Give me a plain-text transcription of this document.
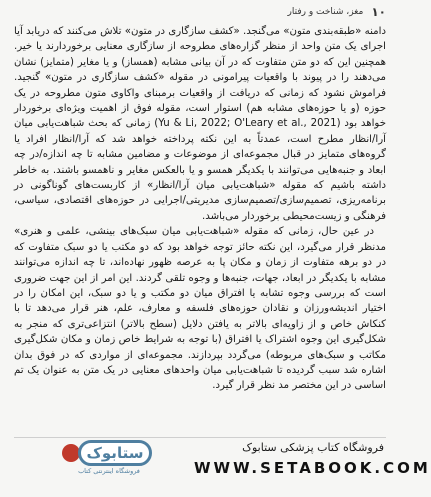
۱۰
مغز، شناخت و رفتار

دامنه «طبقه‌بندی متون» می‌گنجد. «کشف سازگاری در متون» تلاش می‌کنند که دریابد آیا اجرای یک متن واحد از منظر گزاره‌های مطروحه از سازگاری معنایی برخوردارند یا خیر. همچنین این که دو متن متفاوت که در آن بیانی مشابه (همساز) و یا مغایر (متمایز) نشان می‌دهند را در پیوند با واقعیات پیرامونی در مقوله «کشف سازگاری در متون» گنجید. فراموش نشود که زمانی که دریافت از واقعیات برمبنای واکاوی متون مطروحه در یک حوزه (و یا حوزه‌های مشابه هم) استوار است، مقوله فوق از اهمیت ویژه‌ای برخوردار خواهد بود (Yu & Li, 2022; O'Leary et al., 2021) زمانی که بحث شباهت‌یابی میان آرا/انظار مطرح است، عمدتاً به این نکته پرداخته خواهد شد که آرا/انظار افراد یا گروه‌های متمایز در قبال مجموعه‌ای از موضوعات و مضامین مشابه تا چه اندازه/در چه ابعاد و جنبه‌هایی می‌توانند با یکدیگر همسو و یا بالعکس مغایر و ناهمسو باشند. به خاطر داشته باشیم که مقوله «شباهت‌یابی میان آرا/انظار» از کاربست‌های گوناگونی در برنامه‌ریزی، تصمیم‌سازی/تصمیم‌سازی مدیریتی/اجرایی در حوزه‌های اقتصادی، سیاسی، فرهنگی و زیست‌محیطی برخوردار می‌باشد.

در عین حال، زمانی که مقوله «شباهت‌یابی میان سبک‌های بینشی، علمی و هنری» مدنظر قرار می‌گیرد، این نکته حائز توجه خواهد بود که دو مکتب یا دو سبک متفاوت که در دو برهه متفاوت از زمان و مکان پا به عرصه ظهور نهاده‌اند، تا چه اندازه می‌توانند مشابه با یکدیگر در ابعاد، جهات، جنبه‌ها و وجوه تلقی گردند. این امر از این جهت ضروری است که بررسی وجوه تشابه یا افتراق میان دو مکتب و یا دو سبک، این امکان را در اختیار اندیشه‌ورزان و نقادان حوزه‌های فلسفه و معارف، علم، هنر قرار می‌دهد تا با کنکاش خاص و از زاویه‌ای بالاتر به یافتن دلایل (سطح بالاتر) انتزاعی‌تری که منجر به شکل‌گیری این وجوه اشتراک یا افتراق (با توجه به شرایط خاص زمان و مکان شکل‌گیری مکاتب و سبک‌های مربوطه) می‌گردد بپردازند. مجموعه‌ای از مواردی که در فوق بدان اشاره شد سبب گردیده تا شباهت‌یابی میان واحدهای معنایی در یک متن به عنوان یک تم اساسی در این مختصر مد نظر قرار گیرد.

ستابوک
فروشگاه اینترنتی کتاب
فروشگاه کتاب پزشکی ستابوک
WWW.SETABOOK.COM
